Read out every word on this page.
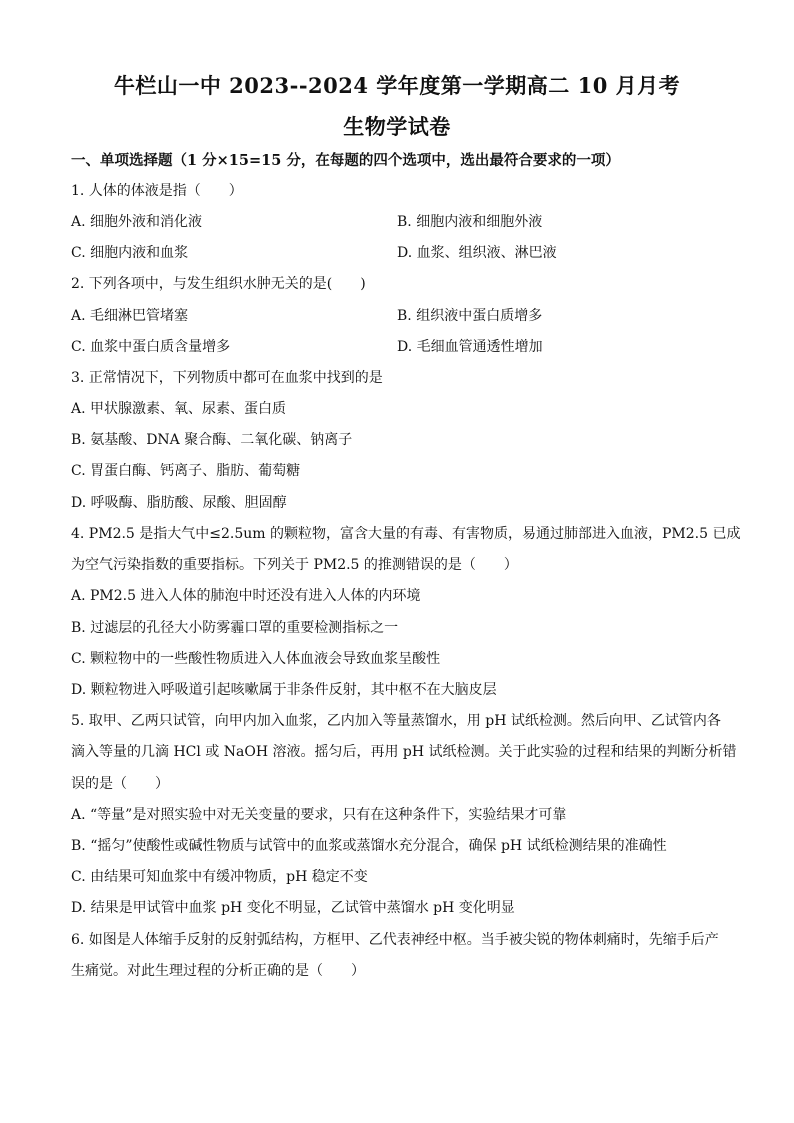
牛栏山一中 2023--2024 学年度第一学期高二 10 月月考
生物学试卷
一、单项选择题（1 分×15=15 分，在每题的四个选项中，选出最符合要求的一项）
1. 人体的体液是指（　　）
A. 细胞外液和消化液	B. 细胞内液和细胞外液
C. 细胞内液和血浆	D. 血浆、组织液、淋巴液
2. 下列各项中，与发生组织水肿无关的是(　　)
A. 毛细淋巴管堵塞	B. 组织液中蛋白质增多
C. 血浆中蛋白质含量增多	D. 毛细血管通透性增加
3. 正常情况下，下列物质中都可在血浆中找到的是
A. 甲状腺激素、氧、尿素、蛋白质
B. 氨基酸、DNA 聚合酶、二氧化碳、钠离子
C. 胃蛋白酶、钙离子、脂肪、葡萄糖
D. 呼吸酶、脂肪酸、尿酸、胆固醇
4. PM2.5 是指大气中≤2.5um 的颗粒物，富含大量的有毒、有害物质，易通过肺部进入血液，PM2.5 已成
为空气污染指数的重要指标。下列关于 PM2.5 的推测错误的是（　　）
A. PM2.5 进入人体的肺泡中时还没有进入人体的内环境
B. 过滤层的孔径大小防雾霾口罩的重要检测指标之一
C. 颗粒物中的一些酸性物质进入人体血液会导致血浆呈酸性
D. 颗粒物进入呼吸道引起咳嗽属于非条件反射，其中枢不在大脑皮层
5. 取甲、乙两只试管，向甲内加入血浆，乙内加入等量蒸馏水，用 pH 试纸检测。然后向甲、乙试管内各
滴入等量的几滴 HCl 或 NaOH 溶液。摇匀后，再用 pH 试纸检测。关于此实验的过程和结果的判断分析错
误的是（　　）
A. “等量”是对照实验中对无关变量的要求，只有在这种条件下，实验结果才可靠
B. “摇匀”使酸性或碱性物质与试管中的血浆或蒸馏水充分混合，确保 pH 试纸检测结果的准确性
C. 由结果可知血浆中有缓冲物质，pH 稳定不变
D. 结果是甲试管中血浆 pH 变化不明显，乙试管中蒸馏水 pH 变化明显
6. 如图是人体缩手反射的反射弧结构，方框甲、乙代表神经中枢。当手被尖锐的物体刺痛时，先缩手后产
生痛觉。对此生理过程的分析正确的是（　　）
